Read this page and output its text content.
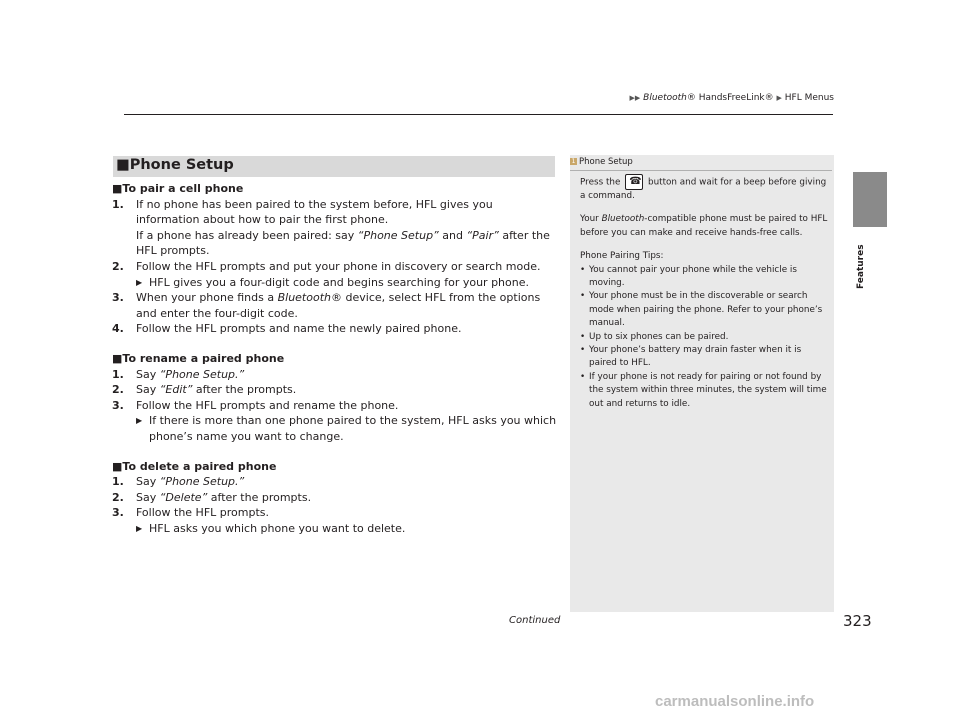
▶▶ Bluetooth® HandsFreeLink® ▶ HFL Menus
Features
■Phone Setup

■To pair a cell phone

1. If no phone has been paired to the system before, HFL gives you information about how to pair the first phone.

If a phone has already been paired: say “Phone Setup” and “Pair” after the HFL prompts.

2. Follow the HFL prompts and put your phone in discovery or search mode.

▶ HFL gives you a four-digit code and begins searching for your phone.

3. When your phone finds a Bluetooth® device, select HFL from the options and enter the four-digit code.

4. Follow the HFL prompts and name the newly paired phone.

■To rename a paired phone

1. Say “Phone Setup.”

2. Say “Edit” after the prompts.

3. Follow the HFL prompts and rename the phone.

▶ If there is more than one phone paired to the system, HFL asks you which phone’s name you want to change.

■To delete a paired phone

1. Say “Phone Setup.”

2. Say “Delete” after the prompts.

3. Follow the HFL prompts.

▶ HFL asks you which phone you want to delete.

1 Phone Setup

Press the ☎ button and wait for a beep before giving a command.

Your Bluetooth-compatible phone must be paired to HFL before you can make and receive hands-free calls.

Phone Pairing Tips:

• You cannot pair your phone while the vehicle is moving.

• Your phone must be in the discoverable or search mode when pairing the phone. Refer to your phone’s manual.

• Up to six phones can be paired.

• Your phone’s battery may drain faster when it is paired to HFL.

• If your phone is not ready for pairing or not found by the system within three minutes, the system will time out and returns to idle.

Continued	323
carmanualsonline.info
